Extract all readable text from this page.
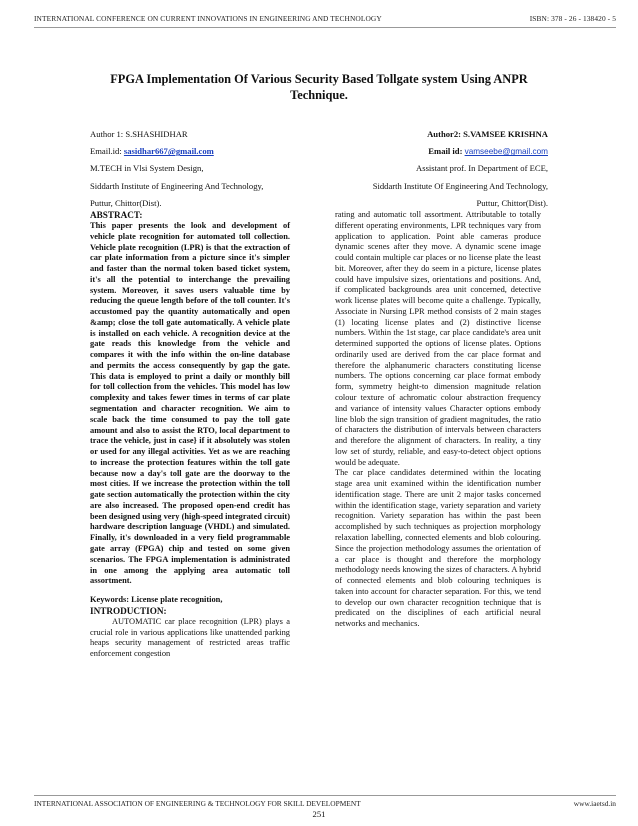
INTERNATIONAL CONFERENCE ON CURRENT INNOVATIONS IN ENGINEERING AND TECHNOLOGY	ISBN: 378 - 26 - 138420 - 5
FPGA Implementation Of Various Security Based Tollgate system Using ANPR Technique.
Author 1: S.SHASHIDHAR	Author2: S.VAMSEE KRISHNA
Email.id: sasidhar667@gmail.com	Email id: vamseebe@gmail.com
M.TECH in Vlsi System Design,	Assistant prof. In Department of ECE,
Siddarth Institute of Engineering And Technology,	Siddarth Institute Of Engineering And Technology,
Puttur, Chittor(Dist).	Puttur, Chittor(Dist).

ABSTRACT:

This paper presents the look and development of vehicle plate recognition for automated toll collection. Vehicle plate recognition (LPR) is that the extraction of car plate information from a picture since it's simpler and faster than the normal token based ticket system, it's all the potential to interchange the prevailing system. Moreover, it saves users valuable time by reducing the queue length before of the toll counter. It's accustomed pay the quantity automatically and open &amp; close the toll gate automatically. A vehicle plate is installed on each vehicle. A recognition device at the gate reads this knowledge from the vehicle and compares it with the info within the on-line database and permits the access consequently by gap the gate. This data is employed to print a daily or monthly bill for toll collection from the vehicles. This model has low complexity and takes fewer times in terms of car plate segmentation and character recognition. We aim to scale back the time consumed to pay the toll gate amount and also to assist the RTO, local department to trace the vehicle, just in case} if it absolutely was stolen or used for any illegal activities. Yet as we are reaching to increase the protection features within the toll gate because now a day's toll gate are the doorway to the most cities. If we increase the protection within the toll gate section automatically the protection within the city are also increased. The proposed open-end credit has been designed using very (high-speed integrated circuit) hardware description language (VHDL) and simulated. Finally, it's downloaded in a very field programmable gate array (FPGA) chip and tested on some given scenarios. The FPGA implementation is administrated in one among the applying area automatic toll assortment.

Keywords: License plate recognition,

INTRODUCTION:

AUTOMATIC car place recognition (LPR) plays a crucial role in various applications like unattended parking heaps security management of restricted areas traffic enforcement congestion

rating and automatic toll assortment. Attributable to totally different operating environments, LPR techniques vary from application to application. Point able cameras produce dynamic scenes after they move. A dynamic scene image could contain multiple car places or no license plate the least bit. Moreover, after they do seem in a picture, license plates could have impulsive sizes, orientations and positions. And, if complicated backgrounds area unit concerned, detective work license plates will become quite a challenge. Typically, Associate in Nursing LPR method consists of 2 main stages (1) locating license plates and (2) distinctive license numbers. Within the 1st stage, car place candidate's area unit determined supported the options of license plates. Options ordinarily used are derived from the car place format and therefore the alphanumeric characters constituting license numbers. The options concerning car place format embody form, symmetry height-to dimension magnitude relation colour texture of achromatic colour abstraction frequency and variance of intensity values Character options embody line blob the sign transition of gradient magnitudes, the ratio of characters the distribution of intervals between characters and therefore the alignment of characters. In reality, a tiny low set of sturdy, reliable, and easy-to-detect object options would be adequate.

The car place candidates determined within the locating stage area unit examined within the identification number identification stage. There are unit 2 major tasks concerned within the identification stage, variety separation and variety recognition. Variety separation has within the past been accomplished by such techniques as projection morphology relaxation labelling, connected elements and blob colouring. Since the projection methodology assumes the orientation of a car place is thought and therefore the morphology methodology needs knowing the sizes of characters. A hybrid of connected elements and blob colouring techniques is taken into account for character separation. For this, we tend to develop our own character recognition technique that is predicated on the disciplines of each artificial neural networks and mechanics.

INTERNATIONAL ASSOCIATION OF ENGINEERING & TECHNOLOGY FOR SKILL DEVELOPMENT	www.iaetsd.in
251
